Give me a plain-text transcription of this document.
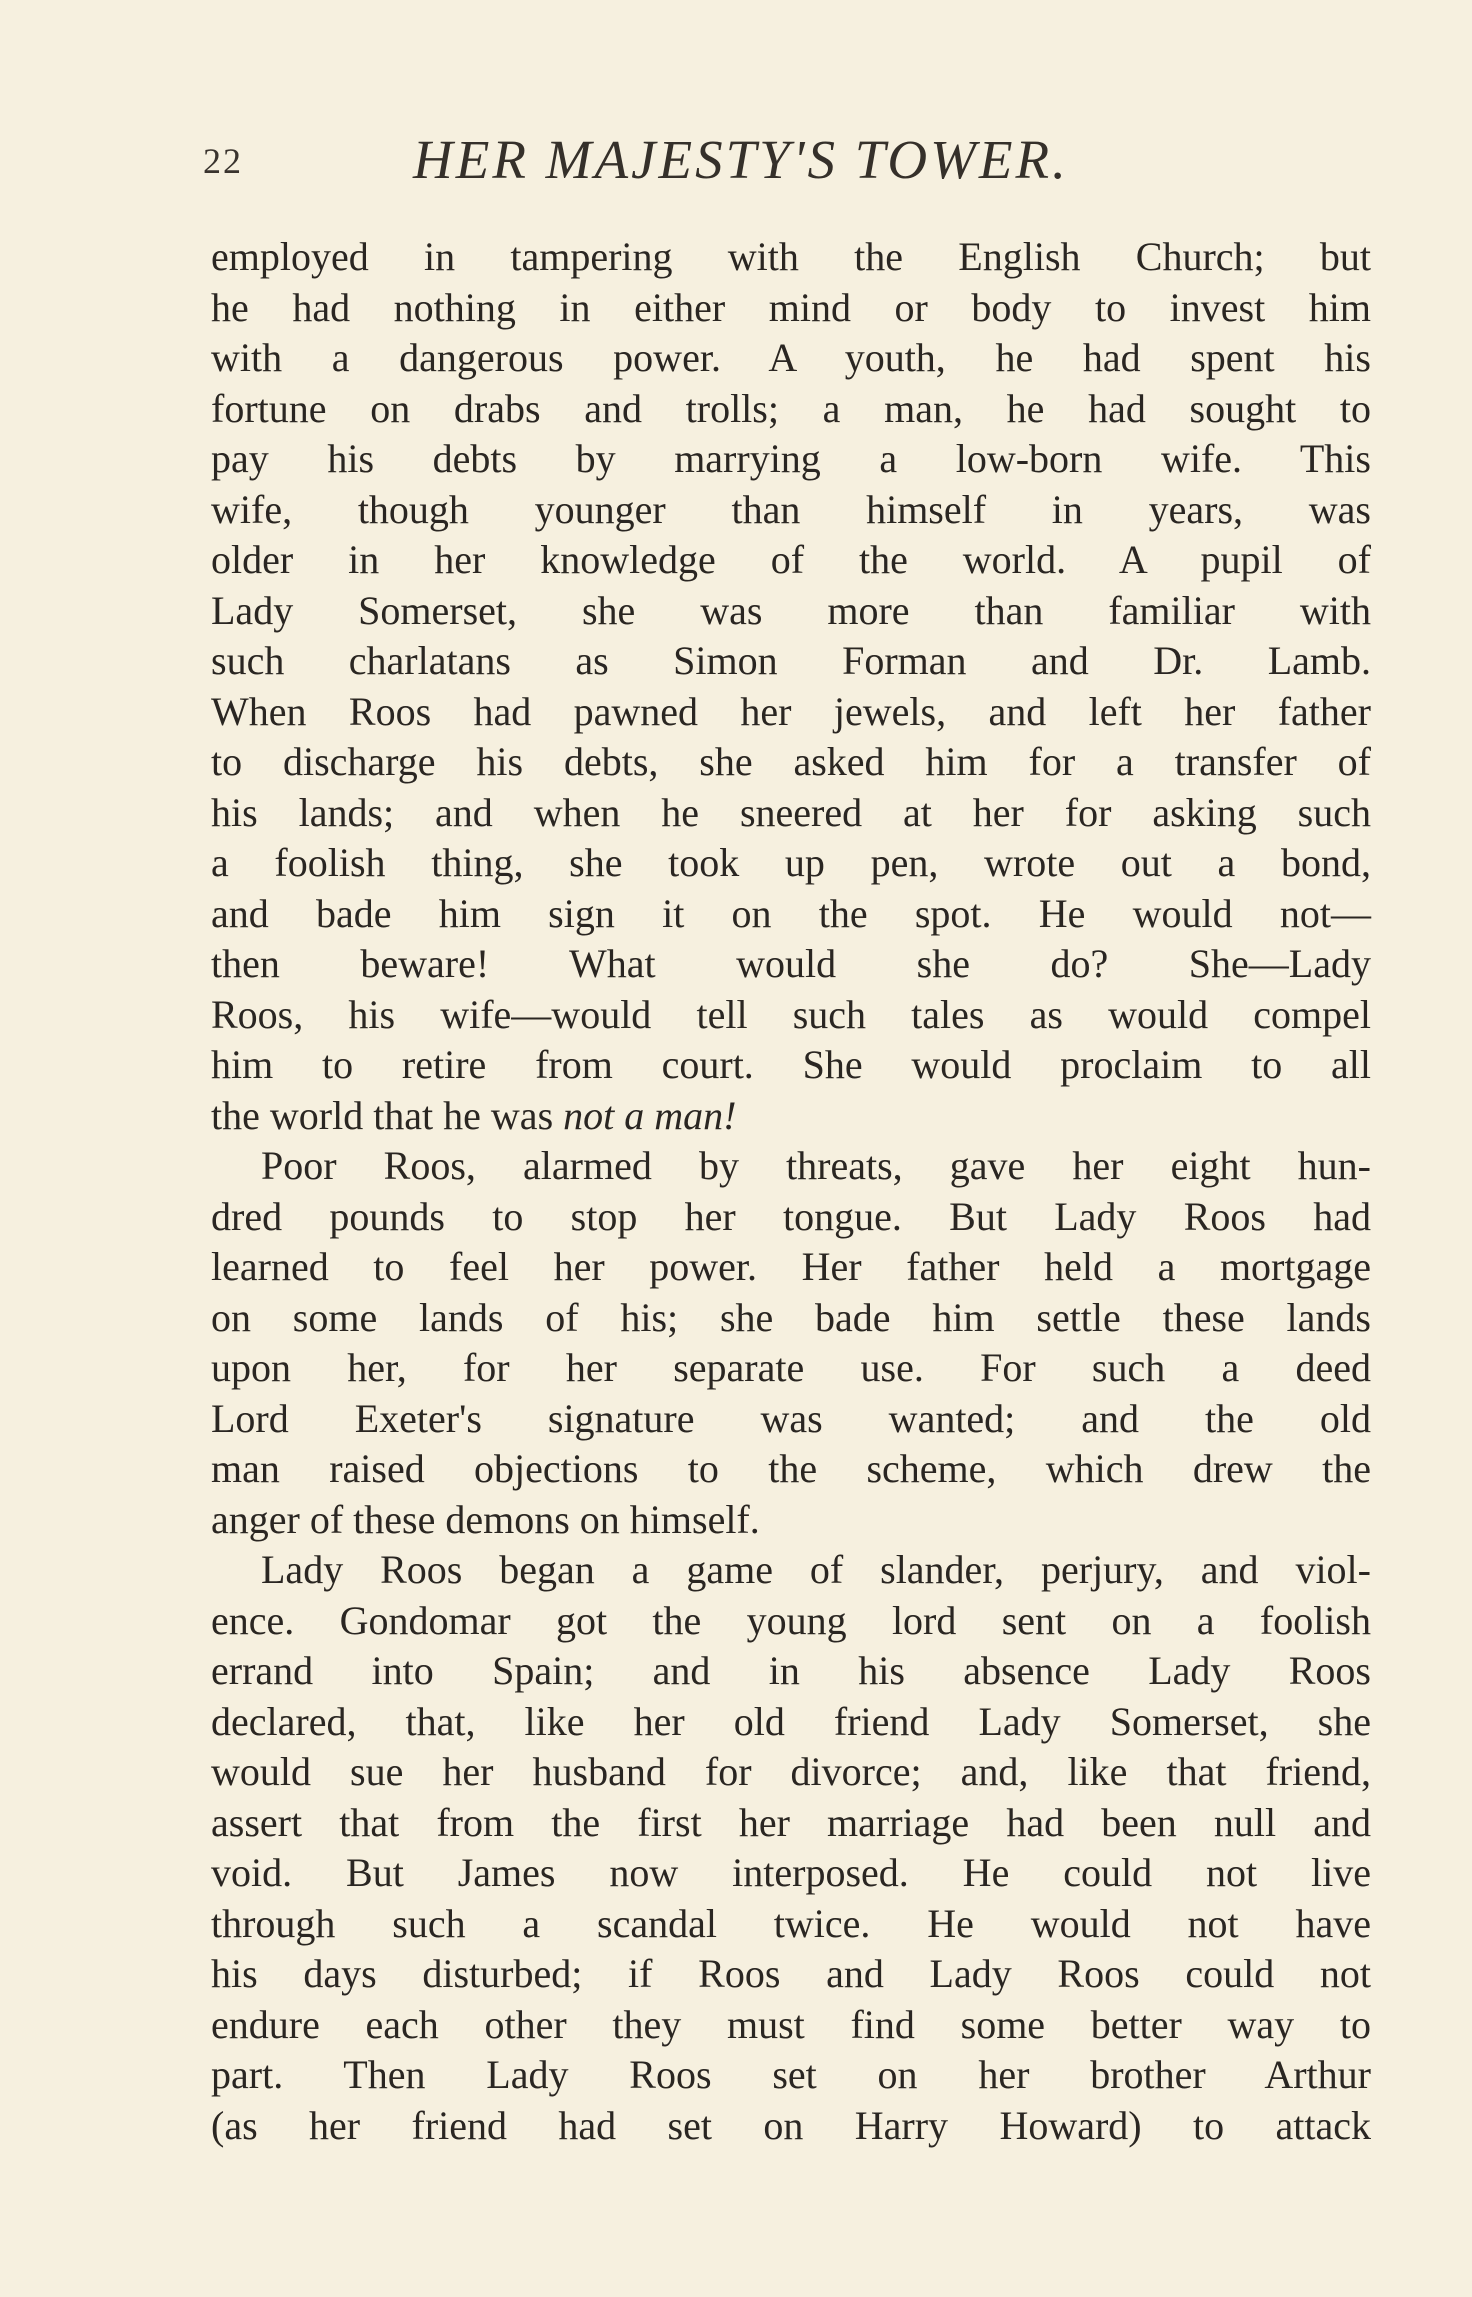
22	HER MAJESTY'S TOWER.
employed in tampering with the English Church; but
he had nothing in either mind or body to invest him
with a dangerous power. A youth, he had spent his
fortune on drabs and trolls; a man, he had sought to
pay his debts by marrying a low-born wife. This
wife, though younger than himself in years, was
older in her knowledge of the world. A pupil of
Lady Somerset, she was more than familiar with
such charlatans as Simon Forman and Dr. Lamb.
When Roos had pawned her jewels, and left her father
to discharge his debts, she asked him for a transfer of
his lands; and when he sneered at her for asking such
a foolish thing, she took up pen, wrote out a bond,
and bade him sign it on the spot. He would not—
then beware! What would she do? She—Lady
Roos, his wife—would tell such tales as would compel
him to retire from court. She would proclaim to all
the world that he was not a man!
Poor Roos, alarmed by threats, gave her eight hun-
dred pounds to stop her tongue. But Lady Roos had
learned to feel her power. Her father held a mortgage
on some lands of his; she bade him settle these lands
upon her, for her separate use. For such a deed
Lord Exeter's signature was wanted; and the old
man raised objections to the scheme, which drew the
anger of these demons on himself.
Lady Roos began a game of slander, perjury, and viol-
ence. Gondomar got the young lord sent on a foolish
errand into Spain; and in his absence Lady Roos
declared, that, like her old friend Lady Somerset, she
would sue her husband for divorce; and, like that friend,
assert that from the first her marriage had been null and
void. But James now interposed. He could not live
through such a scandal twice. He would not have
his days disturbed; if Roos and Lady Roos could not
endure each other they must find some better way to
part. Then Lady Roos set on her brother Arthur
(as her friend had set on Harry Howard) to attack
